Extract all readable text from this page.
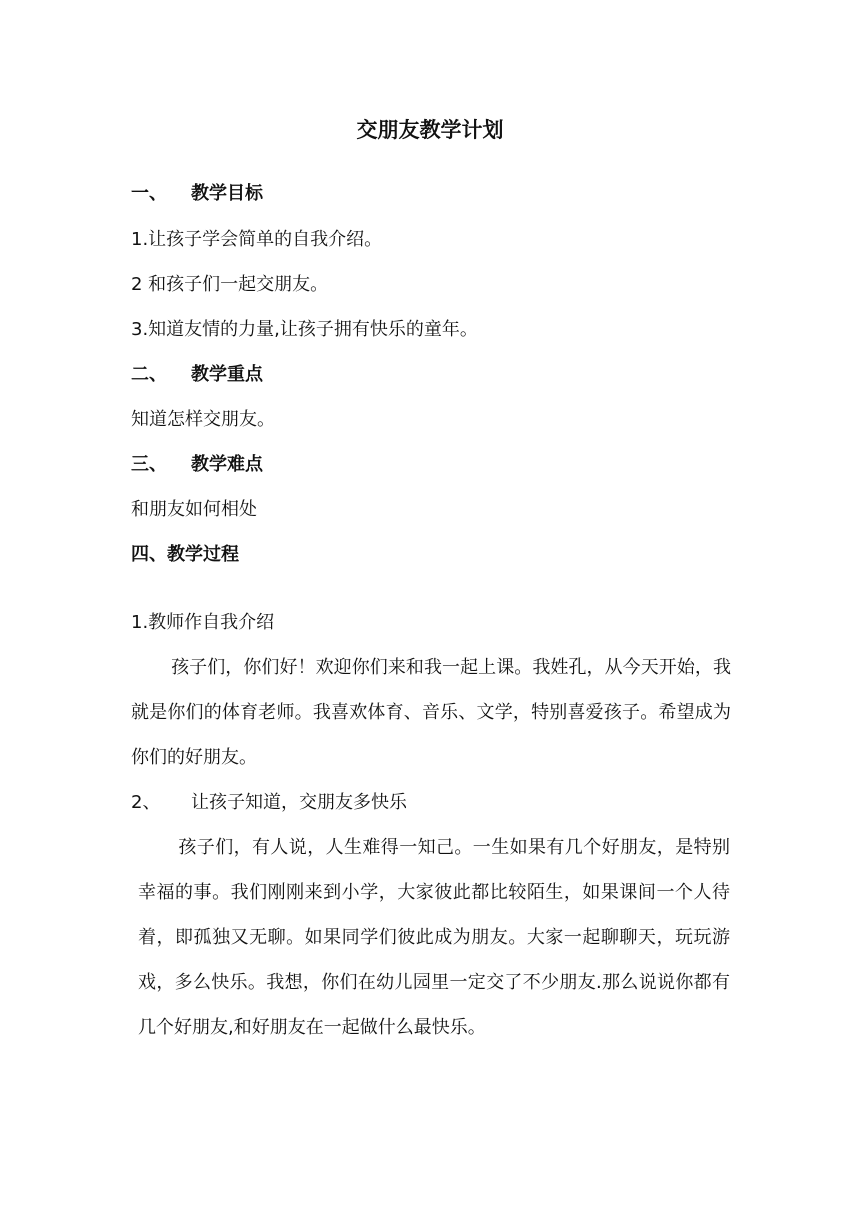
交朋友教学计划
一、 教学目标
1.让孩子学会简单的自我介绍。
2 和孩子们一起交朋友。
3.知道友情的力量,让孩子拥有快乐的童年。
二、 教学重点
知道怎样交朋友。
三、 教学难点
和朋友如何相处
四、教学过程
1.教师作自我介绍
孩子们，你们好！欢迎你们来和我一起上课。我姓孔，从今天开始，我就是你们的体育老师。我喜欢体育、音乐、文学，特别喜爱孩子。希望成为你们的好朋友。
2、 让孩子知道，交朋友多快乐
孩子们，有人说，人生难得一知己。一生如果有几个好朋友，是特别幸福的事。我们刚刚来到小学，大家彼此都比较陌生，如果课间一个人待着，即孤独又无聊。如果同学们彼此成为朋友。大家一起聊聊天，玩玩游戏，多么快乐。我想，你们在幼儿园里一定交了不少朋友.那么说说你都有几个好朋友,和好朋友在一起做什么最快乐。
